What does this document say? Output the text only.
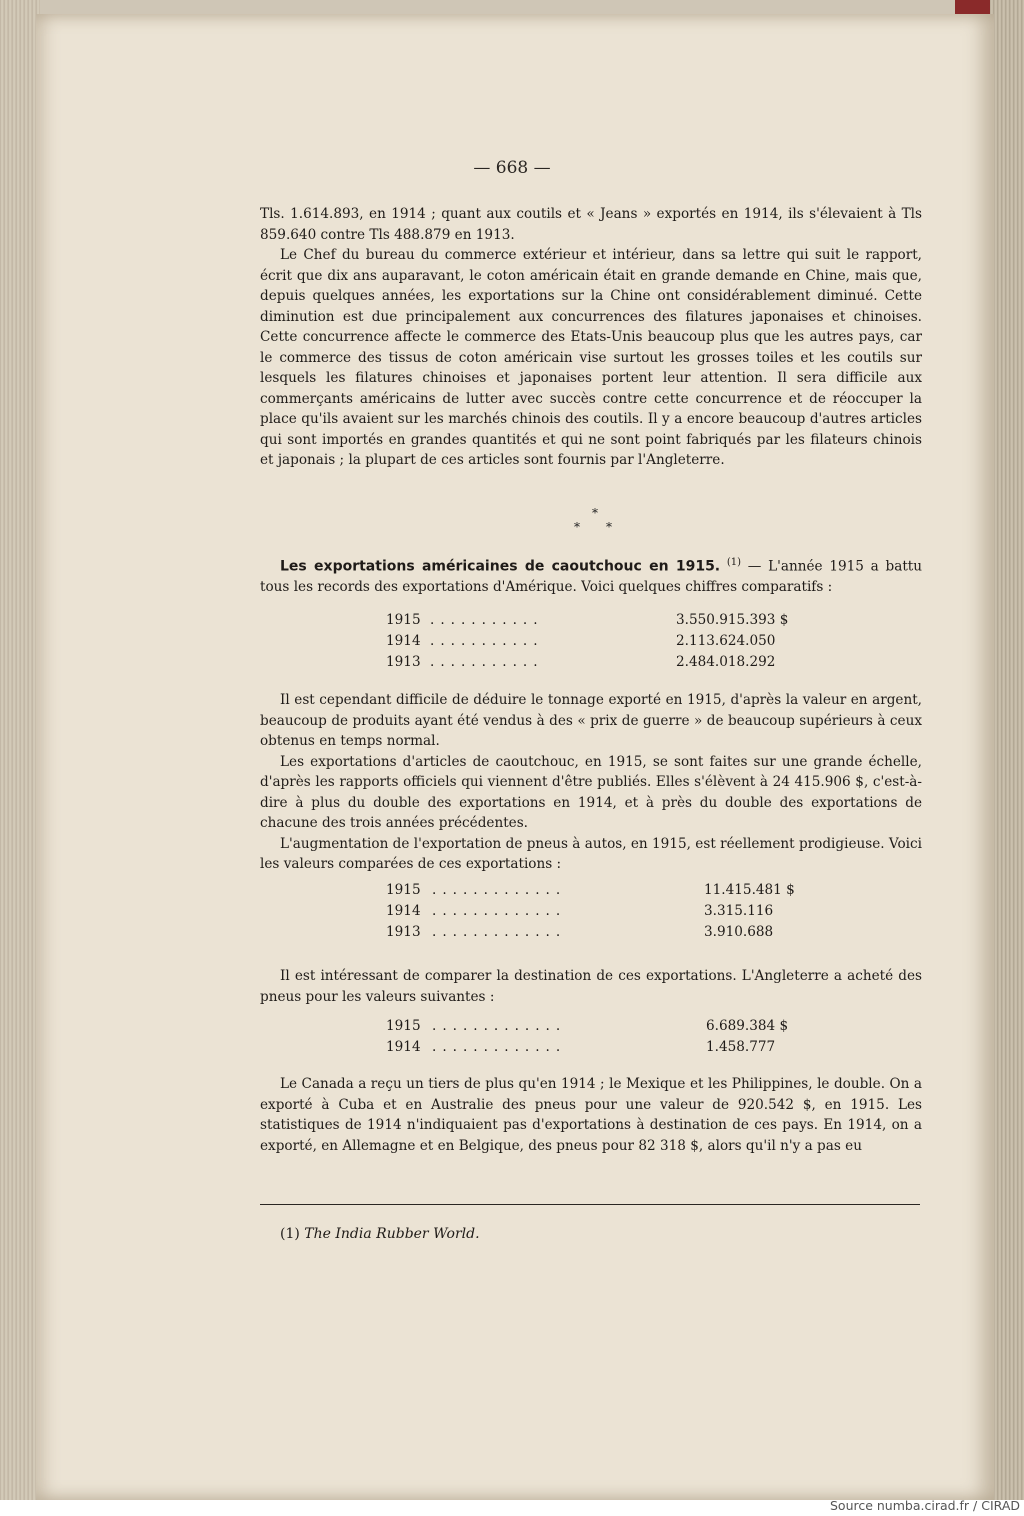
— 668 —

Tls. 1.614.893, en 1914 ; quant aux coutils et « Jeans » exportés en 1914, ils s'élevaient à Tls 859.640 contre Tls 488.879 en 1913.

Le Chef du bureau du commerce extérieur et intérieur, dans sa lettre qui suit le rapport, écrit que dix ans auparavant, le coton américain était en grande demande en Chine, mais que, depuis quelques années, les exportations sur la Chine ont considérablement diminué. Cette diminution est due principalement aux concurrences des filatures japonaises et chinoises. Cette concurrence affecte le commerce des Etats-Unis beaucoup plus que les autres pays, car le commerce des tissus de coton américain vise surtout les grosses toiles et les coutils sur lesquels les filatures chinoises et japonaises portent leur attention. Il sera difficile aux commerçants américains de lutter avec succès contre cette concurrence et de réoccuper la place qu'ils avaient sur les marchés chinois des coutils. Il y a encore beaucoup d'autres articles qui sont importés en grandes quantités et qui ne sont point fabriqués par les filateurs chinois et japonais ; la plupart de ces articles sont fournis par l'Angleterre.

*
* *

Les exportations américaines de caoutchouc en 1915. $^{(1)}$ — L'année 1915 a battu tous les records des exportations d'Amérique. Voici quelques chiffres comparatifs :

1915 ...........	3.550.915.393 $
1914 ...........	2.113.624.050
1913 ...........	2.484.018.292

Il est cependant difficile de déduire le tonnage exporté en 1915, d'après la valeur en argent, beaucoup de produits ayant été vendus à des « prix de guerre » de beaucoup supérieurs à ceux obtenus en temps normal.

Les exportations d'articles de caoutchouc, en 1915, se sont faites sur une grande échelle, d'après les rapports officiels qui viennent d'être publiés. Elles s'élèvent à 24 415.906 $, c'est-à-dire à plus du double des exportations en 1914, et à près du double des exportations de chacune des trois années précédentes.

L'augmentation de l'exportation de pneus à autos, en 1915, est réellement prodigieuse. Voici les valeurs comparées de ces exportations :

1915 .............	11.415.481 $
1914 .............	3.315.116
1913 .............	3.910.688

Il est intéressant de comparer la destination de ces exportations. L'Angleterre a acheté des pneus pour les valeurs suivantes :

1915 .............	6.689.384 $
1914 .............	1.458.777

Le Canada a reçu un tiers de plus qu'en 1914 ; le Mexique et les Philippines, le double. On a exporté à Cuba et en Australie des pneus pour une valeur de 920.542 $, en 1915. Les statistiques de 1914 n'indiquaient pas d'exportations à destination de ces pays. En 1914, on a exporté, en Allemagne et en Belgique, des pneus pour 82 318 $, alors qu'il n'y a pas eu

(1) The India Rubber World.
Source numba.cirad.fr / CIRAD
